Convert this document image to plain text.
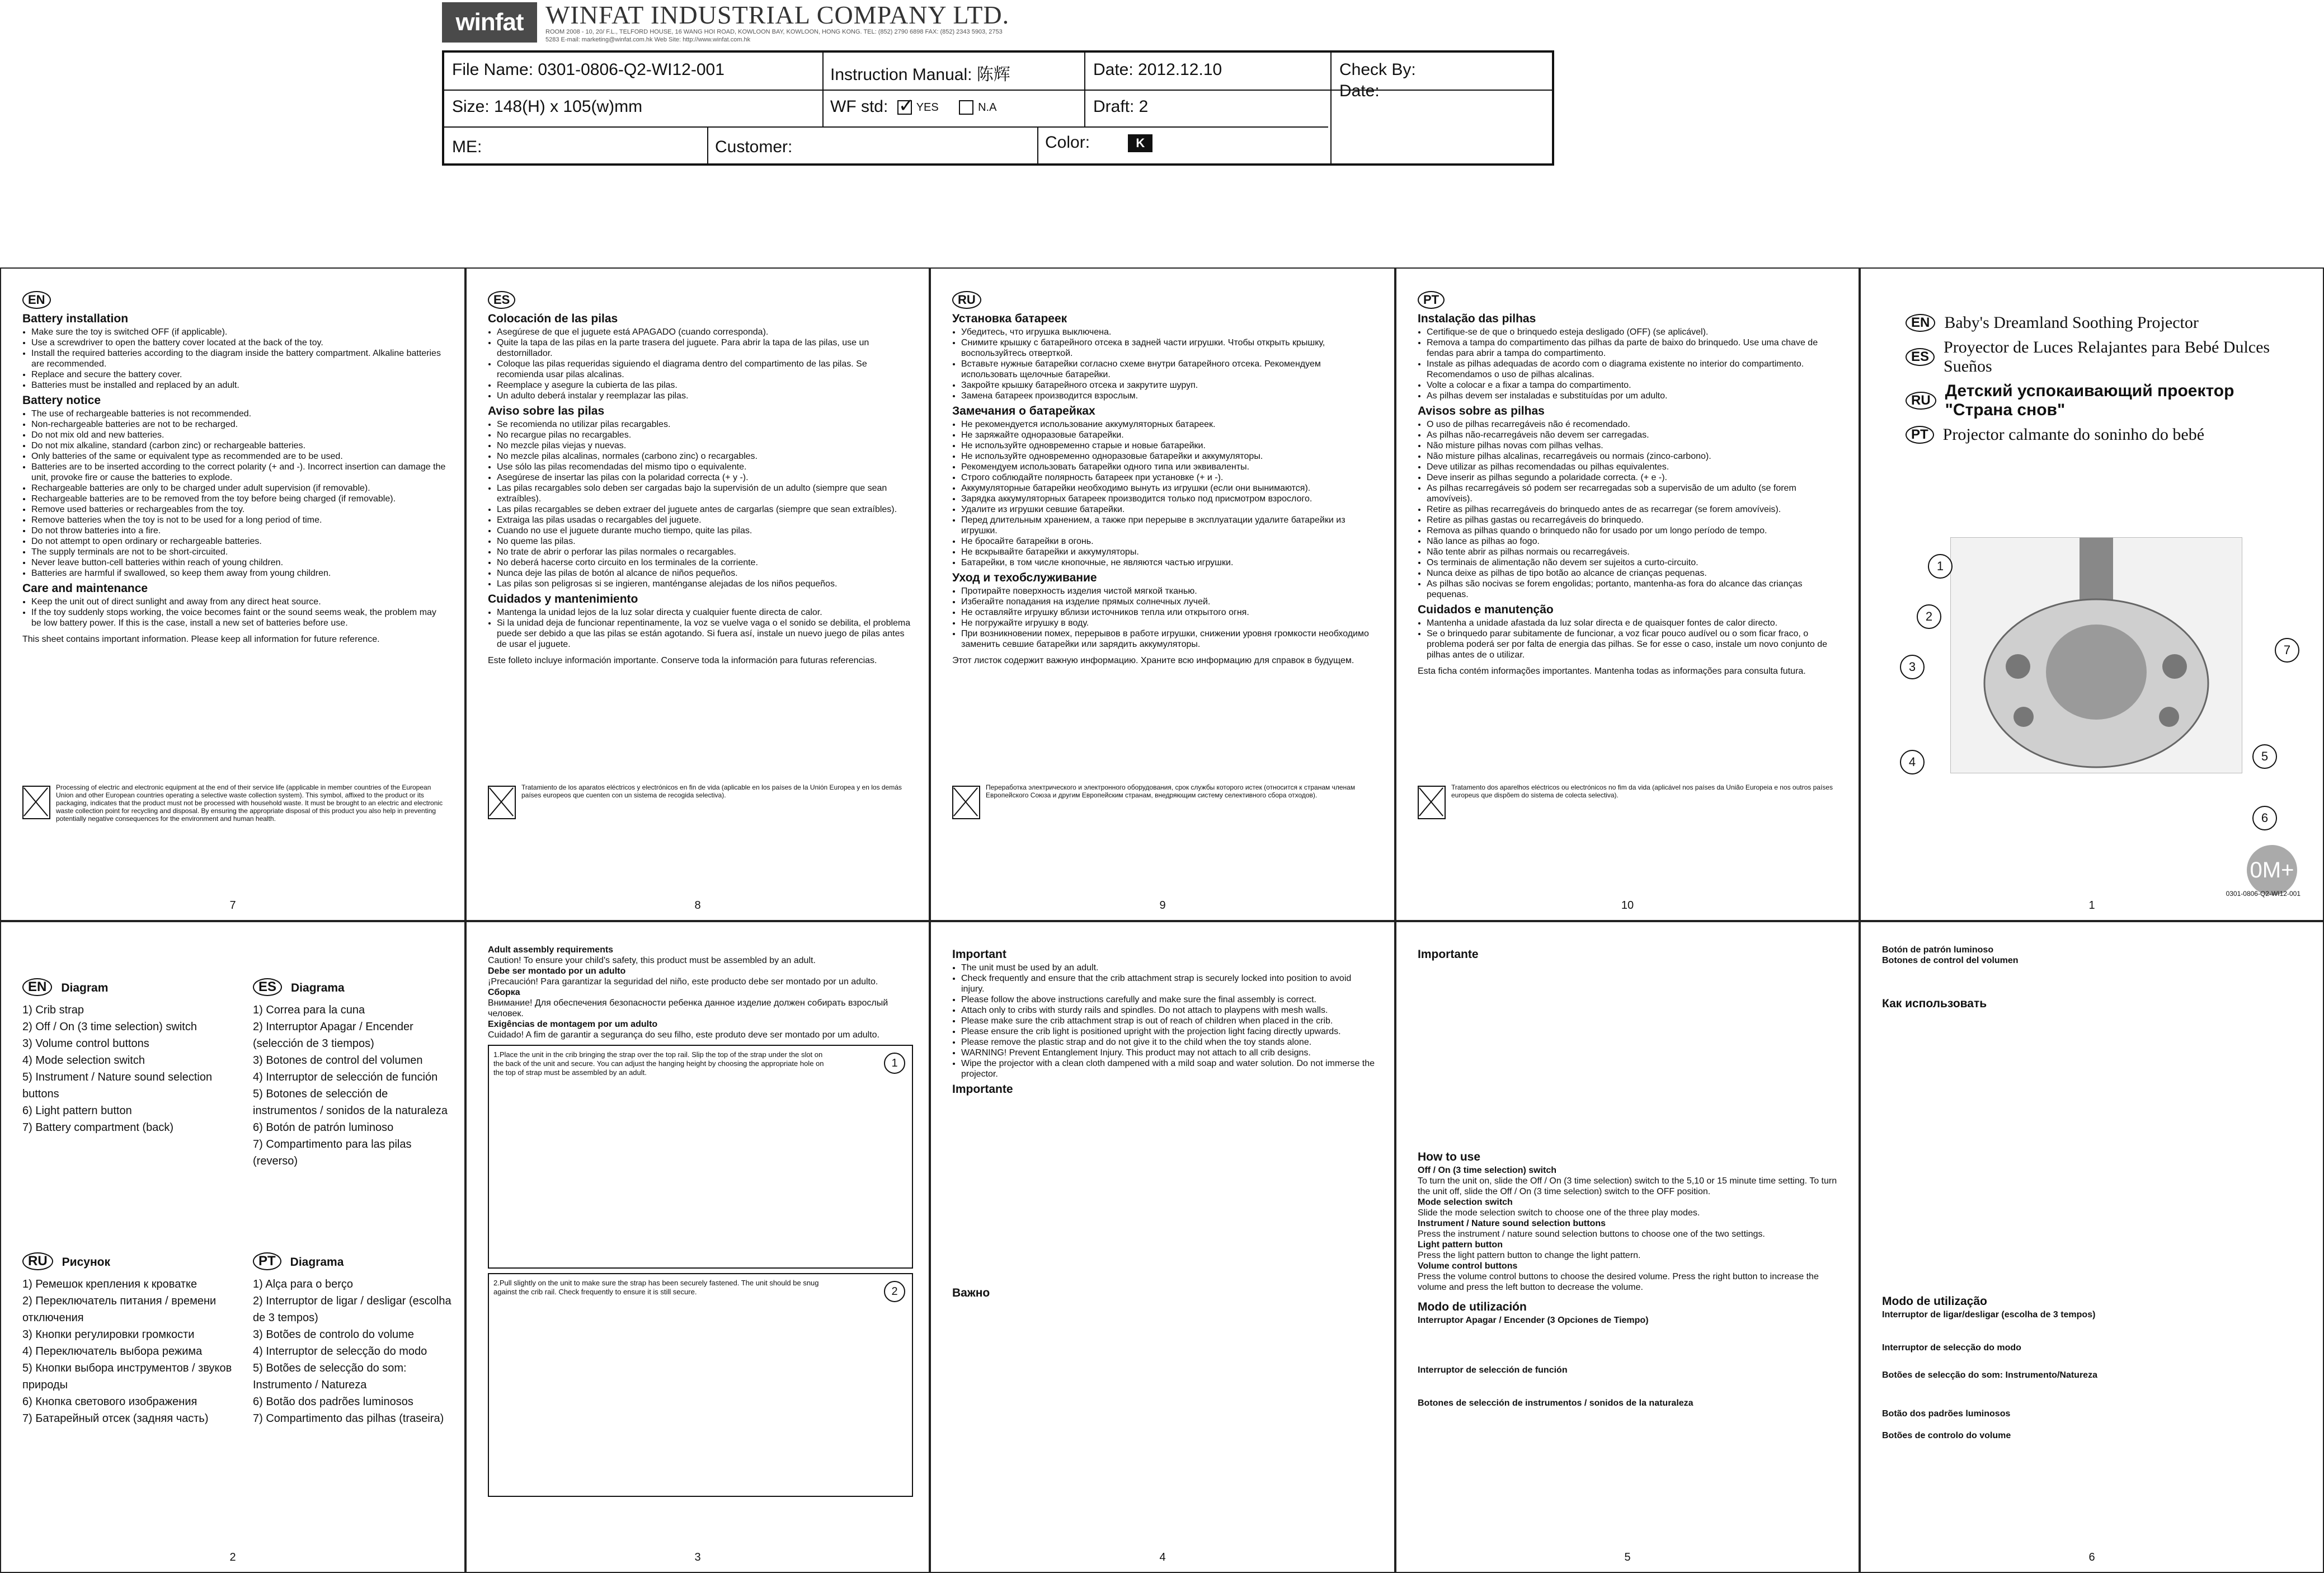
winfat WINFAT INDUSTRIAL COMPANY LTD.
ROOM 2008 - 10, 20/ F.L., TELFORD HOUSE, 16 WANG HOI ROAD, KOWLOON BAY, KOWLOON, HONG KONG. TEL: (852) 2790 6898 FAX: (852) 2343 5903, 2753 5283 E-mail: marketing@winfat.com.hk Web Site: http://www.winfat.com.hk
File Name: 0301-0806-Q2-WI12-001	Instruction Manual: 陈辉	Date: 2012.12.10	Check By:
Date:
Size: 148(H) x 105(w)mm	WF std: ✓	YES	N.A	Draft: 2
ME:	Customer:	Color:	K
EN
Battery installation
• Make sure the toy is switched OFF (if applicable).
• Use a screwdriver to open the battery cover located at the back of the toy.
• Install the required batteries according to the diagram inside the battery compartment. Alkaline batteries are recommended.
• Replace and secure the battery cover.
• Batteries must be installed and replaced by an adult.
Battery notice
• The use of rechargeable batteries is not recommended.
• Non-rechargeable batteries are not to be recharged.
• Do not mix old and new batteries.
• Do not mix alkaline, standard (carbon zinc) or rechargeable batteries.
• Only batteries of the same or equivalent type as recommended are to be used.
• Batteries are to be inserted according to the correct polarity (+ and -). Incorrect insertion can damage the unit, provoke fire or cause the batteries to explode.
• Rechargeable batteries are only to be charged under adult supervision (if removable).
• Rechargeable batteries are to be removed from the toy before being charged (if removable).
• Remove used batteries or rechargeables from the toy.
• Remove batteries when the toy is not to be used for a long period of time.
• Do not throw batteries into a fire.
• Do not attempt to open ordinary or rechargeable batteries.
• The supply terminals are not to be short-circuited.
• Never leave button-cell batteries within reach of young children.
• Batteries are harmful if swallowed, so keep them away from young children.
Care and maintenance
• Keep the unit out of direct sunlight and away from any direct heat source.
• If the toy suddenly stops working, the voice becomes faint or the sound seems weak, the problem may be low battery power. If this is the case, install a new set of batteries before use.
This sheet contains important information. Please keep all information for future reference.
Processing of electric and electronic equipment at the end of their service life (applicable in member countries of the European Union and other European countries operating a selective waste collection system). This symbol, affixed to the product or its packaging, indicates that the product must not be processed with household waste. It must be brought to an electric and electronic waste collection point for recycling and disposal. By ensuring the appropriate disposal of this product you also help in preventing potentially negative consequences for the environment and human health.
7
ES
Colocación de las pilas
• Asegúrese de que el juguete está APAGADO (cuando corresponda).
• Quite la tapa de las pilas en la parte trasera del juguete. Para abrir la tapa de las pilas, use un destornillador.
• Coloque las pilas requeridas siguiendo el diagrama dentro del compartimento de las pilas. Se recomienda usar pilas alcalinas.
• Reemplace y asegure la cubierta de las pilas.
• Un adulto deberá instalar y reemplazar las pilas.
Aviso sobre las pilas
• Se recomienda no utilizar pilas recargables.
• No recargue pilas no recargables.
• No mezcle pilas viejas y nuevas.
• No mezcle pilas alcalinas, normales (carbono zinc) o recargables.
• Use sólo las pilas recomendadas del mismo tipo o equivalente.
• Asegúrese de insertar las pilas con la polaridad correcta (+ y -).
• Las pilas recargables solo deben ser cargadas bajo la supervisión de un adulto (siempre que sean extraíbles).
• Las pilas recargables se deben extraer del juguete antes de cargarlas (siempre que sean extraíbles).
• Extraiga las pilas usadas o recargables del juguete.
• Cuando no use el juguete durante mucho tiempo, quite las pilas.
• No queme las pilas.
• No trate de abrir o perforar las pilas normales o recargables.
• No deberá hacerse corto circuito en los terminales de la corriente.
• Nunca deje las pilas de botón al alcance de niños pequeños.
• Las pilas son peligrosas si se ingieren, manténganse alejadas de los niños pequeños.
Cuidados y mantenimiento
• Mantenga la unidad lejos de la luz solar directa y cualquier fuente directa de calor.
• Si la unidad deja de funcionar repentinamente, la voz se vuelve vaga o el sonido se debilita, el problema puede ser debido a que las pilas se están agotando. Si fuera así, instale un nuevo juego de pilas antes de usar el juguete.
Este folleto incluye información importante. Conserve toda la información para futuras referencias.
Tratamiento de los aparatos eléctricos y electrónicos en fin de vida (aplicable en los países de la Unión Europea y en los demás países europeos que cuenten con un sistema de recogida selectiva).
8
RU
Установка батареек
• Убедитесь, что игрушка выключена.
• Снимите крышку с батарейного отсека в задней части игрушки. Чтобы открыть крышку, воспользуйтесь отверткой.
• Вставьте нужные батарейки согласно схеме внутри батарейного отсека. Рекомендуем использовать щелочные батарейки.
• Закройте крышку батарейного отсека и закрутите шуруп.
• Замена батареек производится взрослым.
Замечания о батарейках
• Не рекомендуется использование аккумуляторных батареек.
• Не заряжайте одноразовые батарейки.
• Не используйте одновременно старые и новые батарейки.
• Не используйте одновременно одноразовые батарейки и аккумуляторы.
• Рекомендуем использовать батарейки одного типа или эквиваленты.
• Строго соблюдайте полярность батареек при установке (+ и -).
• Аккумуляторные батарейки необходимо вынуть из игрушки (если они вынимаются).
• Зарядка аккумуляторных батареек производится только под присмотром взрослого.
• Удалите из игрушки севшие батарейки.
• Перед длительным хранением, а также при перерыве в эксплуатации удалите батарейки из игрушки.
• Не бросайте батарейки в огонь.
• Не вскрывайте батарейки и аккумуляторы.
• Батарейки, в том числе кнопочные, не являются частью игрушки.
Уход и техобслуживание
• Протирайте поверхность изделия чистой мягкой тканью.
• Избегайте попадания на изделие прямых солнечных лучей.
• Не оставляйте игрушку вблизи источников тепла или открытого огня.
• Не погружайте игрушку в воду.
• При возникновении помех, перерывов в работе игрушки, снижении уровня громкости необходимо заменить севшие батарейки или зарядить аккумуляторы.
Этот листок содержит важную информацию. Храните всю информацию для справок в будущем.
Переработка электрического и электронного оборудования, срок службы которого истек (относится к странам членам Европейского Союза и другим Европейским странам, внедряющим систему селективного сбора отходов).
9
PT
Instalação das pilhas
• Certifique-se de que o brinquedo esteja desligado (OFF) (se aplicável).
• Remova a tampa do compartimento das pilhas da parte de baixo do brinquedo. Use uma chave de fendas para abrir a tampa do compartimento.
• Instale as pilhas adequadas de acordo com o diagrama existente no interior do compartimento. Recomendamos o uso de pilhas alcalinas.
• Volte a colocar e a fixar a tampa do compartimento.
• As pilhas devem ser instaladas e substituídas por um adulto.
Avisos sobre as pilhas
• O uso de pilhas recarregáveis não é recomendado.
• As pilhas não-recarregáveis não devem ser carregadas.
• Não misture pilhas novas com pilhas velhas.
• Não misture pilhas alcalinas, recarregáveis ou normais (zinco-carbono).
• Deve utilizar as pilhas recomendadas ou pilhas equivalentes.
• Deve inserir as pilhas segundo a polaridade correcta. (+ e -).
• As pilhas recarregáveis só podem ser recarregadas sob a supervisão de um adulto (se forem amovíveis).
• Retire as pilhas recarregáveis do brinquedo antes de as recarregar (se forem amovíveis).
• Retire as pilhas gastas ou recarregáveis do brinquedo.
• Remova as pilhas quando o brinquedo não for usado por um longo período de tempo.
• Não lance as pilhas ao fogo.
• Não tente abrir as pilhas normais ou recarregáveis.
• Os terminais de alimentação não devem ser sujeitos a curto-circuito.
• Nunca deixe as pilhas de tipo botão ao alcance de crianças pequenas.
• As pilhas são nocivas se forem engolidas; portanto, mantenha-as fora do alcance das crianças pequenas.
Cuidados e manutenção
• Mantenha a unidade afastada da luz solar directa e de quaisquer fontes de calor directo.
• Se o brinquedo parar subitamente de funcionar, a voz ficar pouco audível ou o som ficar fraco, o problema poderá ser por falta de energia das pilhas. Se for esse o caso, instale um novo conjunto de pilhas antes de o utilizar.
Esta ficha contém informações importantes. Mantenha todas as informações para consulta futura.
Tratamento dos aparelhos eléctricos ou electrónicos no fim da vida (aplicável nos países da União Europeia e nos outros países europeus que dispõem do sistema de colecta selectiva).
10
EN Baby's Dreamland Soothing Projector
ES
Proyector de Luces Relajantes para Bebé Dulces Sueños
RU
Детский успокаивающий проектор "Страна снов"
PT Projector calmante do soninho do bebé
1
2
3
4	5
6
7
0M+
0301-0806-Q2-WI12-001
1
EN	Diagram
1) Crib strap
2) Off / On (3 time selection) switch
3) Volume control buttons
4) Mode selection switch
5) Instrument / Nature sound selection buttons
6) Light pattern button
7) Battery compartment (back)
ES	Diagrama
1) Correa para la cuna
2) Interruptor Apagar / Encender (selección de 3 tiempos)
3) Botones de control del volumen
4) Interruptor de selección de función
5) Botones de selección de instrumentos / sonidos de la naturaleza
6) Botón de patrón luminoso
7) Compartimento para las pilas (reverso)
RU	Рисунок
1) Ремешок крепления к кроватке
2) Переключатель питания / времени отключения
3) Кнопки регулировки громкости
4) Переключатель выбора режима
5) Кнопки выбора инструментов / звуков природы
6) Кнопка светового изображения
7) Батарейный отсек (задняя часть)
PT	Diagrama
1) Alça para o berço
2) Interruptor de ligar / desligar (escolha de 3 tempos)
3) Botões de controlo do volume
4) Interruptor de selecção do modo
5) Botões de selecção do som: Instrumento / Natureza
6) Botão dos padrões luminosos
7) Compartimento das pilhas (traseira)
2
Adult assembly requirements
Caution! To ensure your child's safety, this product must be assembled by an adult.
Debe ser montado por un adulto
¡Precaución! Para garantizar la seguridad del niño, este producto debe ser montado por un adulto.
Сборка
Внимание! Для обеспечения безопасности ребенка данное изделие должен собирать взрослый человек.
Exigências de montagem por um adulto
Cuidado! A fim de garantir a segurança do seu filho, este produto deve ser montado por um adulto.
1
1.Place the unit in the crib bringing the strap over the top rail. Slip the top of the strap under the slot on the back of the unit and secure. You can adjust the hanging height by choosing the appropriate hole on the top of strap must be assembled by an adult.
2
2.Pull slightly on the unit to make sure the strap has been securely fastened. The unit should be snug against the crib rail. Check frequently to ensure it is still secure.
3
Important
• The unit must be used by an adult.
• Check frequently and ensure that the crib attachment strap is securely locked into position to avoid injury.
• Please follow the above instructions carefully and make sure the final assembly is correct.
• Attach only to cribs with sturdy rails and spindles. Do not attach to playpens with mesh walls.
• Please make sure the crib attachment strap is out of reach of children when placed in the crib.
• Please ensure the crib light is positioned upright with the projection light facing directly upwards.
• Please remove the plastic strap and do not give it to the child when the toy stands alone.
• WARNING! Prevent Entanglement Injury. This product may not attach to all crib designs.
• Wipe the projector with a clean cloth dampened with a mild soap and water solution. Do not immerse the projector.
Importante
Важно
4
Importante
How to use
Off / On (3 time selection) switch
To turn the unit on, slide the Off / On (3 time selection) switch to the 5,10 or 15 minute time setting. To turn the unit off, slide the Off / On (3 time selection) switch to the OFF position.
Mode selection switch
Slide the mode selection switch to choose one of the three play modes.
Instrument / Nature sound selection buttons
Press the instrument / nature sound selection buttons to choose one of the two settings.
Light pattern button
Press the light pattern button to change the light pattern.
Volume control buttons
Press the volume control buttons to choose the desired volume. Press the right button to increase the volume and press the left button to decrease the volume.
Modo de utilización
Interruptor Apagar / Encender (3 Opciones de Tiempo)
Interruptor de selección de función
Botones de selección de instrumentos / sonidos de la naturaleza
5
Botón de patrón luminoso
Botones de control del volumen
Как использовать
Modo de utilização
Interruptor de ligar/desligar (escolha de 3 tempos)
Interruptor de selecção do modo
Botões de selecção do som: Instrumento/Natureza
Botão dos padrões luminosos
Botões de controlo do volume
6
